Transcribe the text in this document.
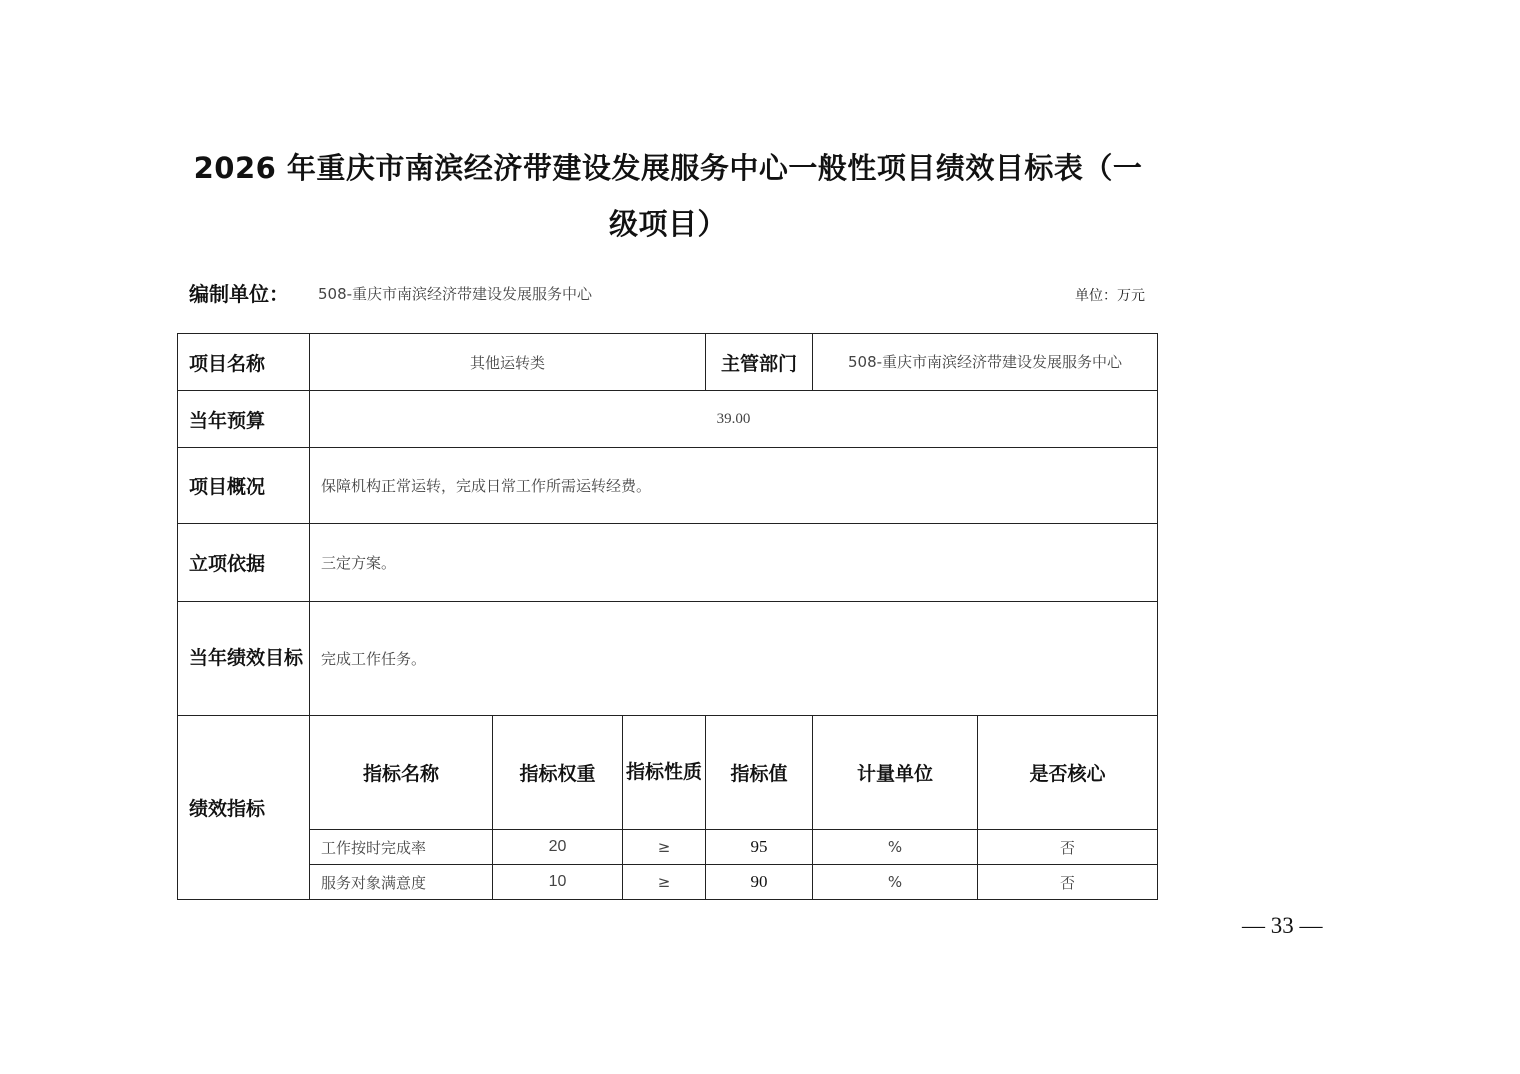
2026 年重庆市南滨经济带建设发展服务中心一般性项目绩效目标表（一
级项目）
编制单位： 508-重庆市南滨经济带建设发展服务中心	单位：万元
项目名称	其他运转类			主管部门	508-重庆市南滨经济带建设发展服务中心	
当年预算	39.00					
项目概况	保障机构正常运转，完成日常工作所需运转经费。					
立项依据	三定方案。					
当年绩效目标	完成工作任务。					
绩效指标	指标名称	指标权重	指标性质	指标值	计量单位	是否核心
	工作按时完成率	20	≥	95	%	否
	服务对象满意度	10	≥	90	%	否
— 33 —
